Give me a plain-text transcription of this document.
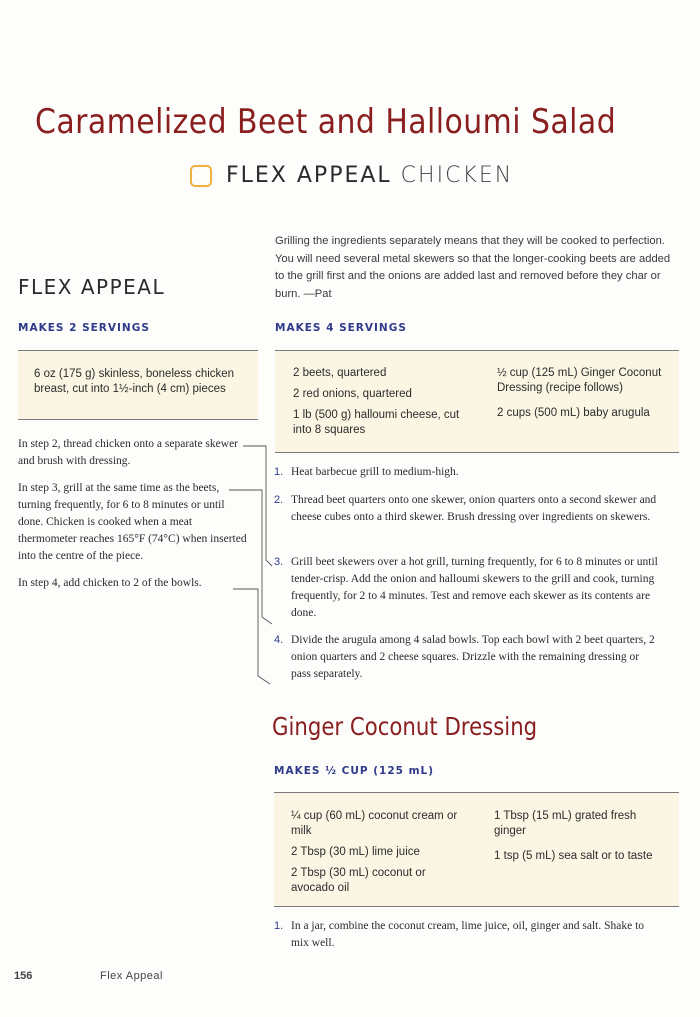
Caramelized Beet and Halloumi Salad
FLEX APPEAL CHICKEN
Grilling the ingredients separately means that they will be cooked to perfection. You will need several metal skewers so that the longer-cooking beets are added to the grill first and the onions are added last and removed before they char or burn. —Pat
FLEX APPEAL
MAKES 2 SERVINGS

6 oz (175 g) skinless, boneless chicken breast, cut into 1½-inch (4 cm) pieces

In step 2, thread chicken onto a separate skewer and brush with dressing.

In step 3, grill at the same time as the beets, turning frequently, for 6 to 8 minutes or until done. Chicken is cooked when a meat thermometer reaches 165°F (74°C) when inserted into the centre of the piece.

In step 4, add chicken to 2 of the bowls.

MAKES 4 SERVINGS

2 beets, quartered

2 red onions, quartered

1 lb (500 g) halloumi cheese, cut into 8 squares

½ cup (125 mL) Ginger Coconut Dressing (recipe follows)

2 cups (500 mL) baby arugula

1. Heat barbecue grill to medium-high.
2. Thread beet quarters onto one skewer, onion quarters onto a second skewer and cheese cubes onto a third skewer. Brush dressing over ingredients on skewers.
3. Grill beet skewers over a hot grill, turning frequently, for 6 to 8 minutes or until tender-crisp. Add the onion and halloumi skewers to the grill and cook, turning frequently, for 2 to 4 minutes. Test and remove each skewer as its contents are done.
4. Divide the arugula among 4 salad bowls. Top each bowl with 2 beet quarters, 2 onion quarters and 2 cheese squares. Drizzle with the remaining dressing or pass separately.
Ginger Coconut Dressing
MAKES ½ CUP (125 mL)

¼ cup (60 mL) coconut cream or milk

2 Tbsp (30 mL) lime juice

2 Tbsp (30 mL) coconut or avocado oil

1 Tbsp (15 mL) grated fresh ginger

1 tsp (5 mL) sea salt or to taste

1. In a jar, combine the coconut cream, lime juice, oil, ginger and salt. Shake to mix well.
156	Flex Appeal
